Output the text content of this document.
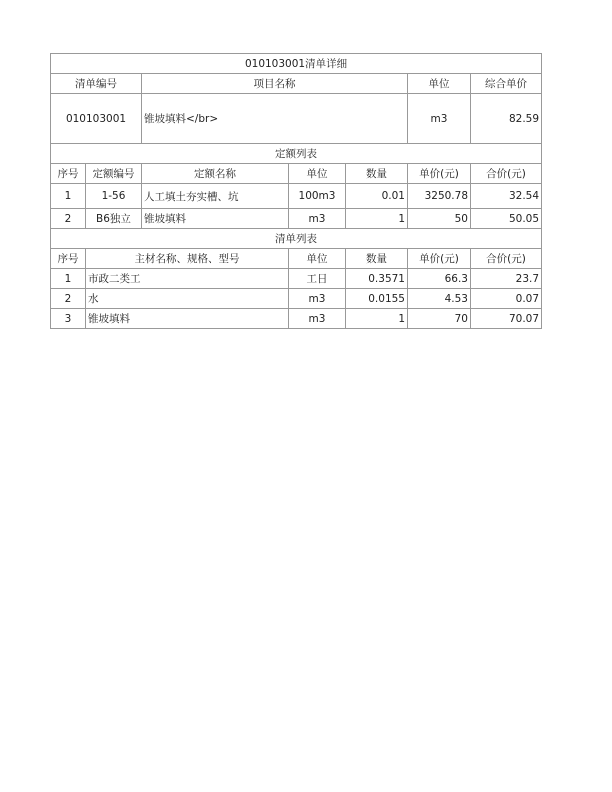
010103001清单详细						
清单编号		项目名称			单位	综合单价
010103001		锥坡填料</br>			m3	82.59
定额列表						
序号	定额编号	定额名称	单位	数量	单价(元)	合价(元)
1	1-56	人工填土夯实槽、坑	100m3	0.01	3250.78	32.54
2	B6独立	锥坡填料	m3	1	50	50.05
清单列表						
序号	主材名称、规格、型号		单位	数量	单价(元)	合价(元)
1	市政二类工		工日	0.3571	66.3	23.7
2	水		m3	0.0155	4.53	0.07
3	锥坡填料		m3	1	70	70.07
